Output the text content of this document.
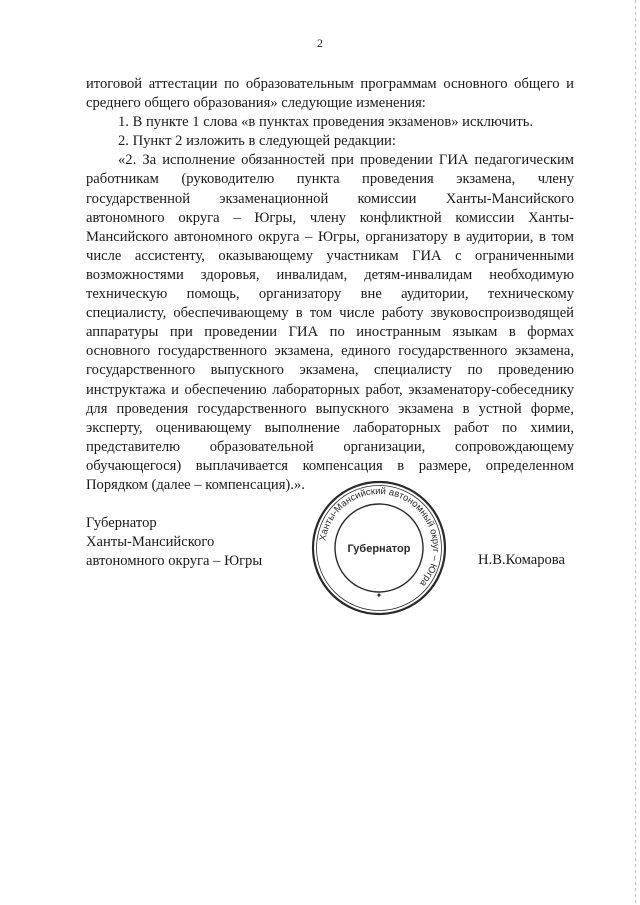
2

итоговой аттестации по образовательным программам основного общего и среднего общего образования» следующие изменения:

1. В пункте 1 слова «в пунктах проведения экзаменов» исключить.

2. Пункт 2 изложить в следующей редакции:

«2. За исполнение обязанностей при проведении ГИА педагогическим работникам (руководителю пункта проведения экзамена, члену государственной экзаменационной комиссии Ханты-Мансийского автономного округа – Югры, члену конфликтной комиссии Ханты-Мансийского автономного округа – Югры, организатору в аудитории, в том числе ассистенту, оказывающему участникам ГИА с ограниченными возможностями здоровья, инвалидам, детям-инвалидам необходимую техническую помощь, организатору вне аудитории, техническому специалисту, обеспечивающему в том числе работу звуковоспроизводящей аппаратуры при проведении ГИА по иностранным языкам в формах основного государственного экзамена, единого государственного экзамена, государственного выпускного экзамена, специалисту по проведению инструктажа и обеспечению лабораторных работ, экзаменатору-собеседнику для проведения государственного выпускного экзамена в устной форме, эксперту, оценивающему выполнение лабораторных работ по химии, представителю образовательной организации, сопровождающему обучающегося) выплачивается компенсация в размере, определенном Порядком (далее – компенсация).».

Губернатор
Ханты-Мансийского
автономного округа – Югры
Ханты-Мансийский автономный округ – Югра
Губернатор
✦
Н.В.Комарова
